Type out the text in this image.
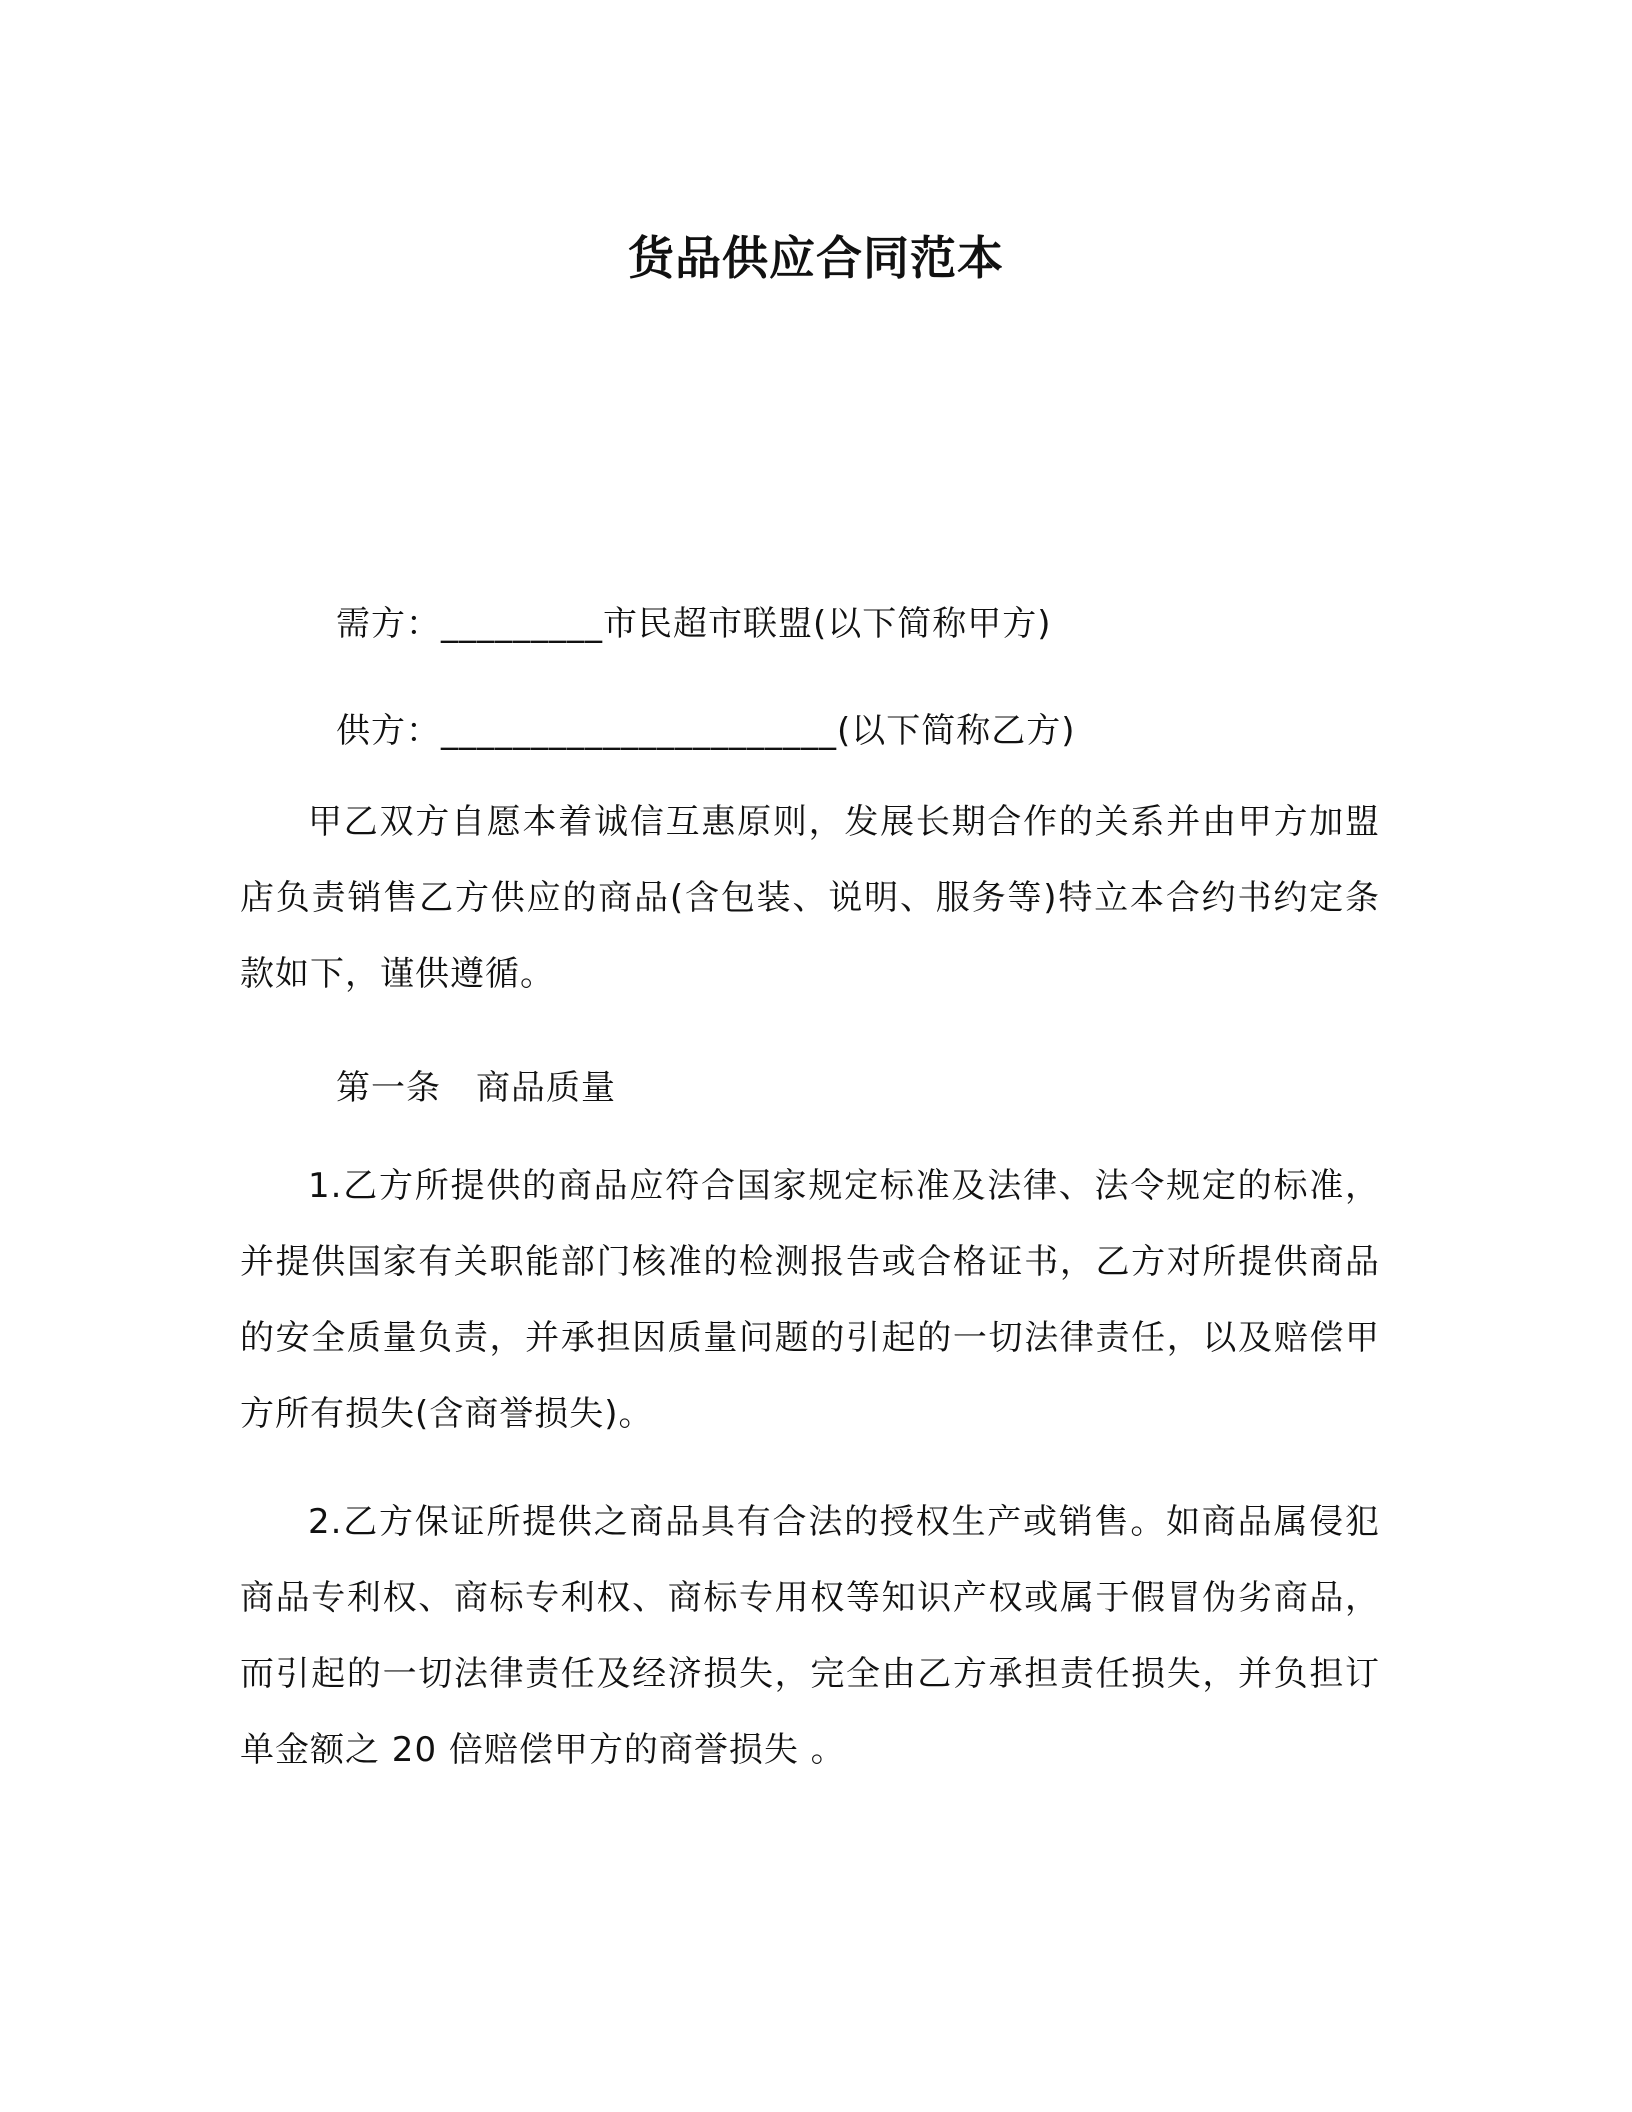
货品供应合同范本
需方：_________市民超市联盟(以下简称甲方)
供方：______________________(以下简称乙方)

甲乙双方自愿本着诚信互惠原则，发展长期合作的关系并由甲方加盟店负责销售乙方供应的商品(含包装、说明、服务等)特立本合约书约定条款如下，谨供遵循。

第一条　商品质量

1.乙方所提供的商品应符合国家规定标准及法律、法令规定的标准，并提供国家有关职能部门核准的检测报告或合格证书，乙方对所提供商品的安全质量负责，并承担因质量问题的引起的一切法律责任，以及赔偿甲方所有损失(含商誉损失)。

2.乙方保证所提供之商品具有合法的授权生产或销售。如商品属侵犯商品专利权、商标专利权、商标专用权等知识产权或属于假冒伪劣商品，而引起的一切法律责任及经济损失，完全由乙方承担责任损失，并负担订单金额之 20 倍赔偿甲方的商誉损失 。
